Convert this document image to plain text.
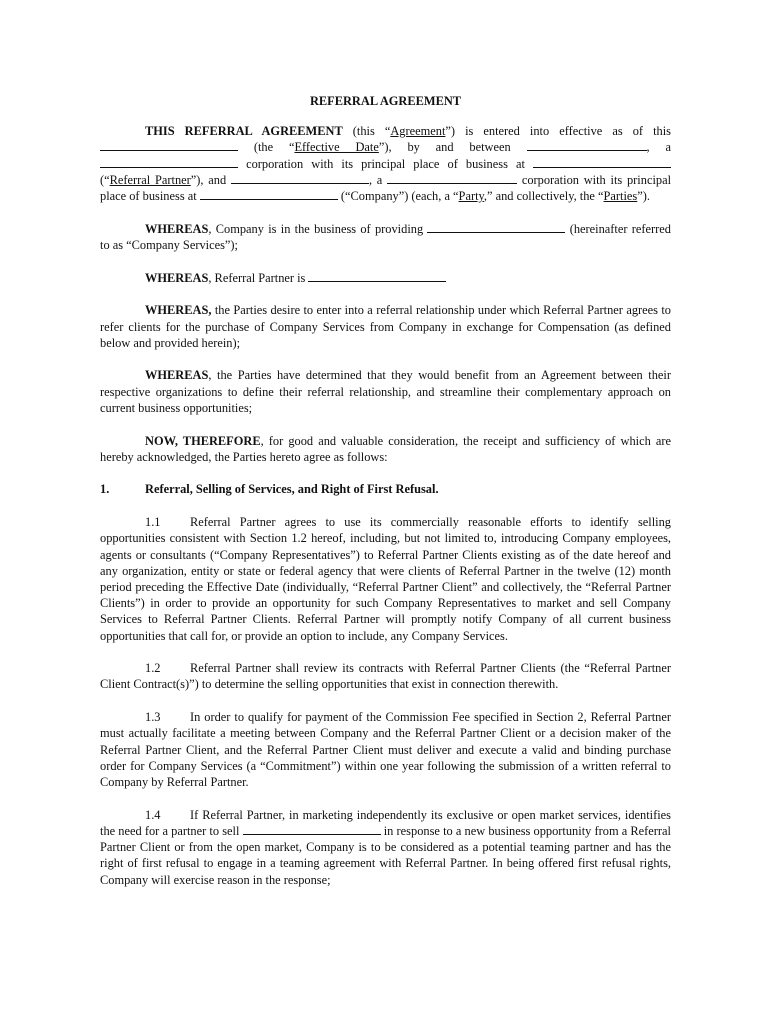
REFERRAL AGREEMENT

THIS REFERRAL AGREEMENT (this “Agreement”) is entered into effective as of this  (the “Effective Date”), by and between	, a  corporation with its principal place of business at  (“Referral Partner”), and	, a	corporation with its principal place of business at	(“Company”) (each, a “Party,” and collectively, the “Parties”).

WHEREAS, Company is in the business of providing	(hereinafter referred to as “Company Services”);

WHEREAS, Referral Partner is

WHEREAS, the Parties desire to enter into a referral relationship under which Referral Partner agrees to refer clients for the purchase of Company Services from Company in exchange for Compensation (as defined below and provided herein);

WHEREAS, the Parties have determined that they would benefit from an Agreement between their respective organizations to define their referral relationship, and streamline their complementary approach on current business opportunities;

NOW, THEREFORE, for good and valuable consideration, the receipt and sufficiency of which are hereby acknowledged, the Parties hereto agree as follows:

1.	Referral, Selling of Services, and Right of First Refusal.

1.1 Referral Partner agrees to use its commercially reasonable efforts to identify selling opportunities consistent with Section 1.2 hereof, including, but not limited to, introducing Company employees, agents or consultants (“Company Representatives”) to Referral Partner Clients existing as of the date hereof and any organization, entity or state or federal agency that were clients of Referral Partner in the twelve (12) month period preceding the Effective Date (individually, “Referral Partner Client” and collectively, the “Referral Partner Clients”) in order to provide an opportunity for such Company Representatives to market and sell Company Services to Referral Partner Clients. Referral Partner will promptly notify Company of all current business opportunities that call for, or provide an option to include, any Company Services.

1.2 Referral Partner shall review its contracts with Referral Partner Clients (the “Referral Partner Client Contract(s)”) to determine the selling opportunities that exist in connection therewith.

1.3 In order to qualify for payment of the Commission Fee specified in Section 2, Referral Partner must actually facilitate a meeting between Company and the Referral Partner Client or a decision maker of the Referral Partner Client, and the Referral Partner Client must deliver and execute a valid and binding purchase order for Company Services (a “Commitment”) within one year following the submission of a written referral to Company by Referral Partner.

1.4 If Referral Partner, in marketing independently its exclusive or open market services, identifies the need for a partner to sell	in response to a new business opportunity from a Referral Partner Client or from the open market, Company is to be considered as a potential teaming partner and has the right of first refusal to engage in a teaming agreement with Referral Partner. In being offered first refusal rights, Company will exercise reason in the response;
